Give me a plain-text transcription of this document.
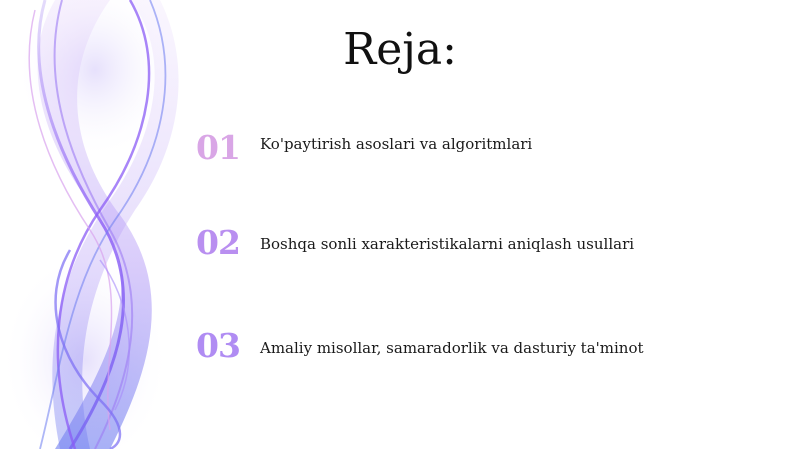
Reja:
01 Ko'paytirish asoslari va algoritmlari
02 Boshqa sonli xarakteristikalarni aniqlash usullari
03 Amaliy misollar, samaradorlik va dasturiy ta'minot
